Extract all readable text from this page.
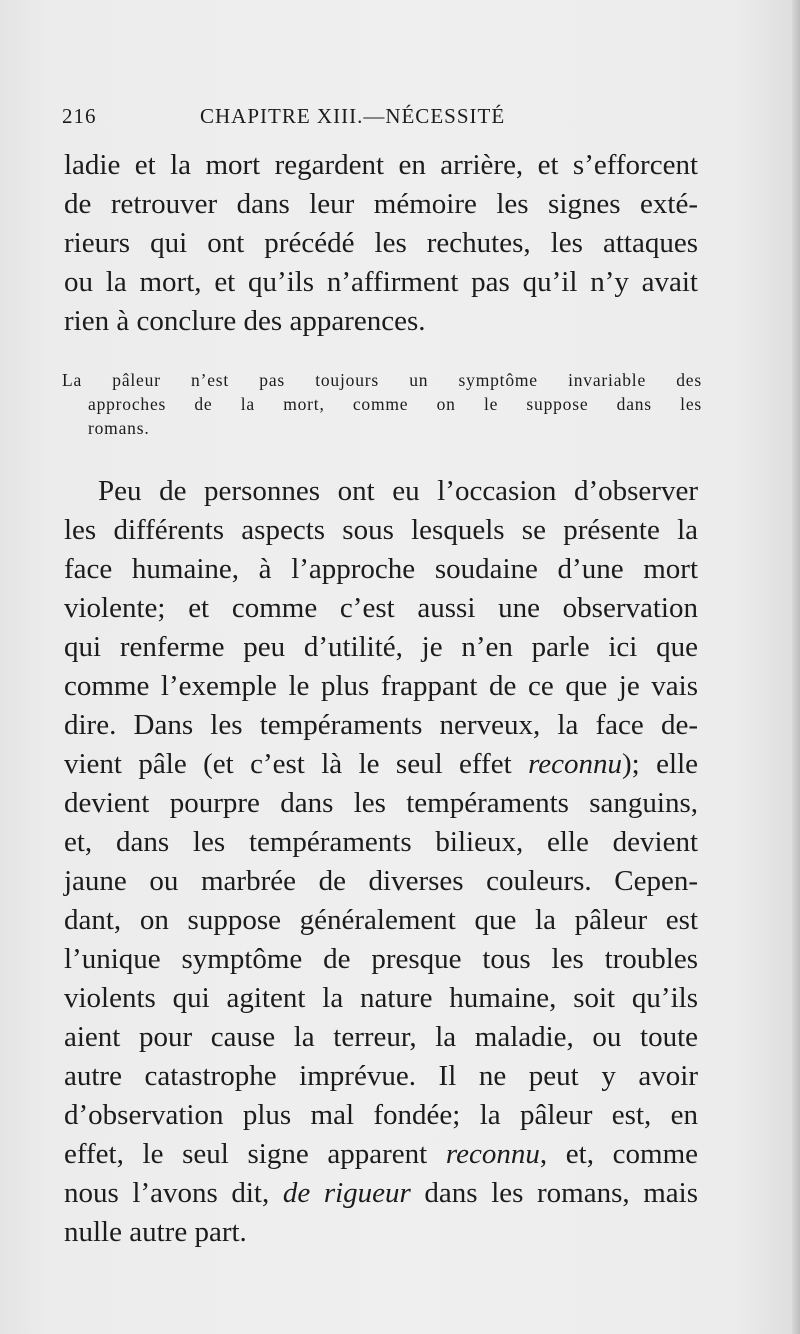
216	CHAPITRE XIII.—NÉCESSITÉ
ladie et la mort regardent en arrière, et s’efforcent
de retrouver dans leur mémoire les signes exté-
rieurs qui ont précédé les rechutes, les attaques
ou la mort, et qu’ils n’affirment pas qu’il n’y avait
rien à conclure des apparences.
La pâleur n’est pas toujours un symptôme invariable des
approches de la mort, comme on le suppose dans les
romans.
Peu de personnes ont eu l’occasion d’observer
les différents aspects sous lesquels se présente la
face humaine, à l’approche soudaine d’une mort
violente; et comme c’est aussi une observation
qui renferme peu d’utilité, je n’en parle ici que
comme l’exemple le plus frappant de ce que je vais
dire. Dans les tempéraments nerveux, la face de-
vient pâle (et c’est là le seul effet reconnu); elle
devient pourpre dans les tempéraments sanguins,
et, dans les tempéraments bilieux, elle devient
jaune ou marbrée de diverses couleurs. Cepen-
dant, on suppose généralement que la pâleur est
l’unique symptôme de presque tous les troubles
violents qui agitent la nature humaine, soit qu’ils
aient pour cause la terreur, la maladie, ou toute
autre catastrophe imprévue. Il ne peut y avoir
d’observation plus mal fondée; la pâleur est, en
effet, le seul signe apparent reconnu, et, comme
nous l’avons dit, de rigueur dans les romans, mais
nulle autre part.
